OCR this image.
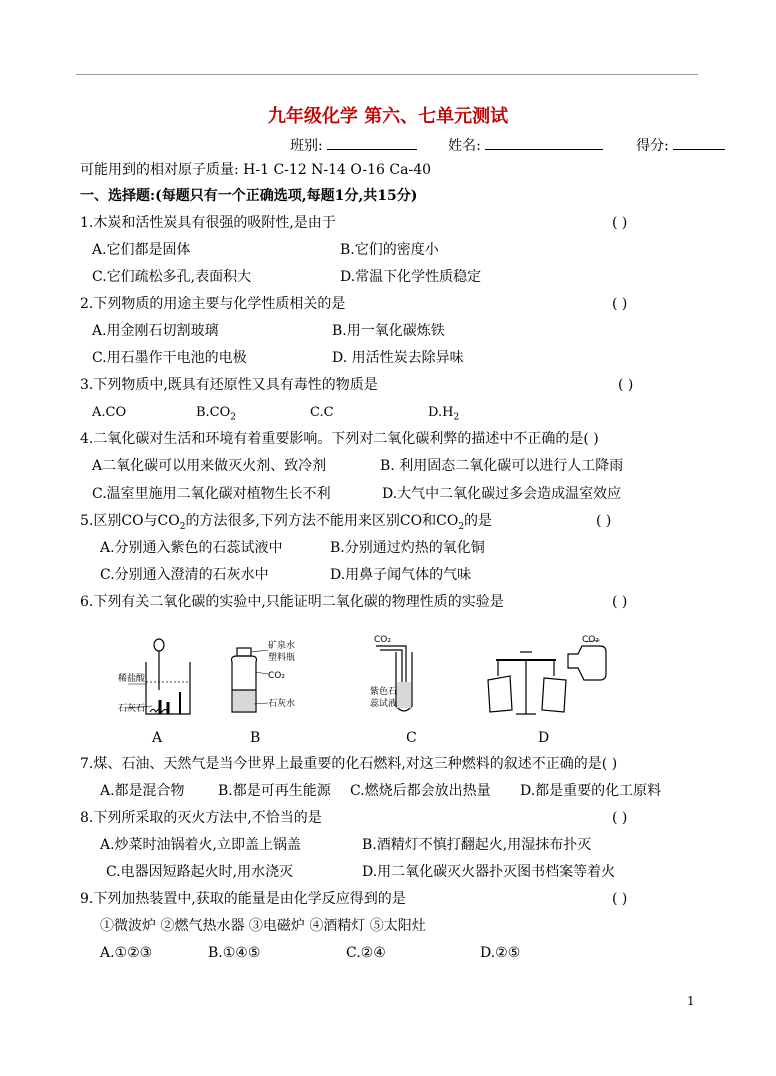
九年级化学 第六、七单元测试
班别:	姓名:	得分:
可能用到的相对原子质量: H-1 C-12 N-14 O-16 Ca-40
一、选择题:(每题只有一个正确选项,每题1分,共15分)
1.木炭和活性炭具有很强的吸附性,是由于	( )
A.它们都是固体	B.它们的密度小
C.它们疏松多孔,表面积大	D.常温下化学性质稳定
2.下列物质的用途主要与化学性质相关的是	( )
A.用金刚石切割玻璃	B.用一氧化碳炼铁
C.用石墨作干电池的电极	D. 用活性炭去除异味
3.下列物质中,既具有还原性又具有毒性的物质是	( )
A.CO	$B.CO_2$	C.C	$D.H_2$
4.二氧化碳对生活和环境有着重要影响。下列对二氧化碳利弊的描述中不正确的是( )
A二氧化碳可以用来做灭火剂、致冷剂	B. 利用固态二氧化碳可以进行人工降雨
C.温室里施用二氧化碳对植物生长不利	D.大气中二氧化碳过多会造成温室效应
5.区别CO与$CO_2$的方法很多,下列方法不能用来区别CO和$CO_2$的是	( )
A.分别通入紫色的石蕊试液中	B.分别通过灼热的氧化铜
C.分别通入澄清的石灰水中	D.用鼻子闻气体的气味
6.下列有关二氧化碳的实验中,只能证明二氧化碳的物理性质的实验是	( )
稀盐酸
石灰石
矿泉水
塑料瓶
CO₂
石灰水
CO₂
紫色石
蕊试液
CO₂
A	B	C	D
7.煤、石油、天然气是当今世界上最重要的化石燃料,对这三种燃料的叙述不正确的是( )
A.都是混合物 B.都是可再生能源 C.燃烧后都会放出热量 D.都是重要的化工原料
8.下列所采取的灭火方法中,不恰当的是	( )
A.炒菜时油锅着火,立即盖上锅盖	B.酒精灯不慎打翻起火,用湿抹布扑灭
C.电器因短路起火时,用水浇灭	D.用二氧化碳灭火器扑灭图书档案等着火
9.下列加热装置中,获取的能量是由化学反应得到的是	( )
①微波炉 ②燃气热水器 ③电磁炉 ④酒精灯 ⑤太阳灶
A.①②③	B.①④⑤	C.②④	D.②⑤
1
